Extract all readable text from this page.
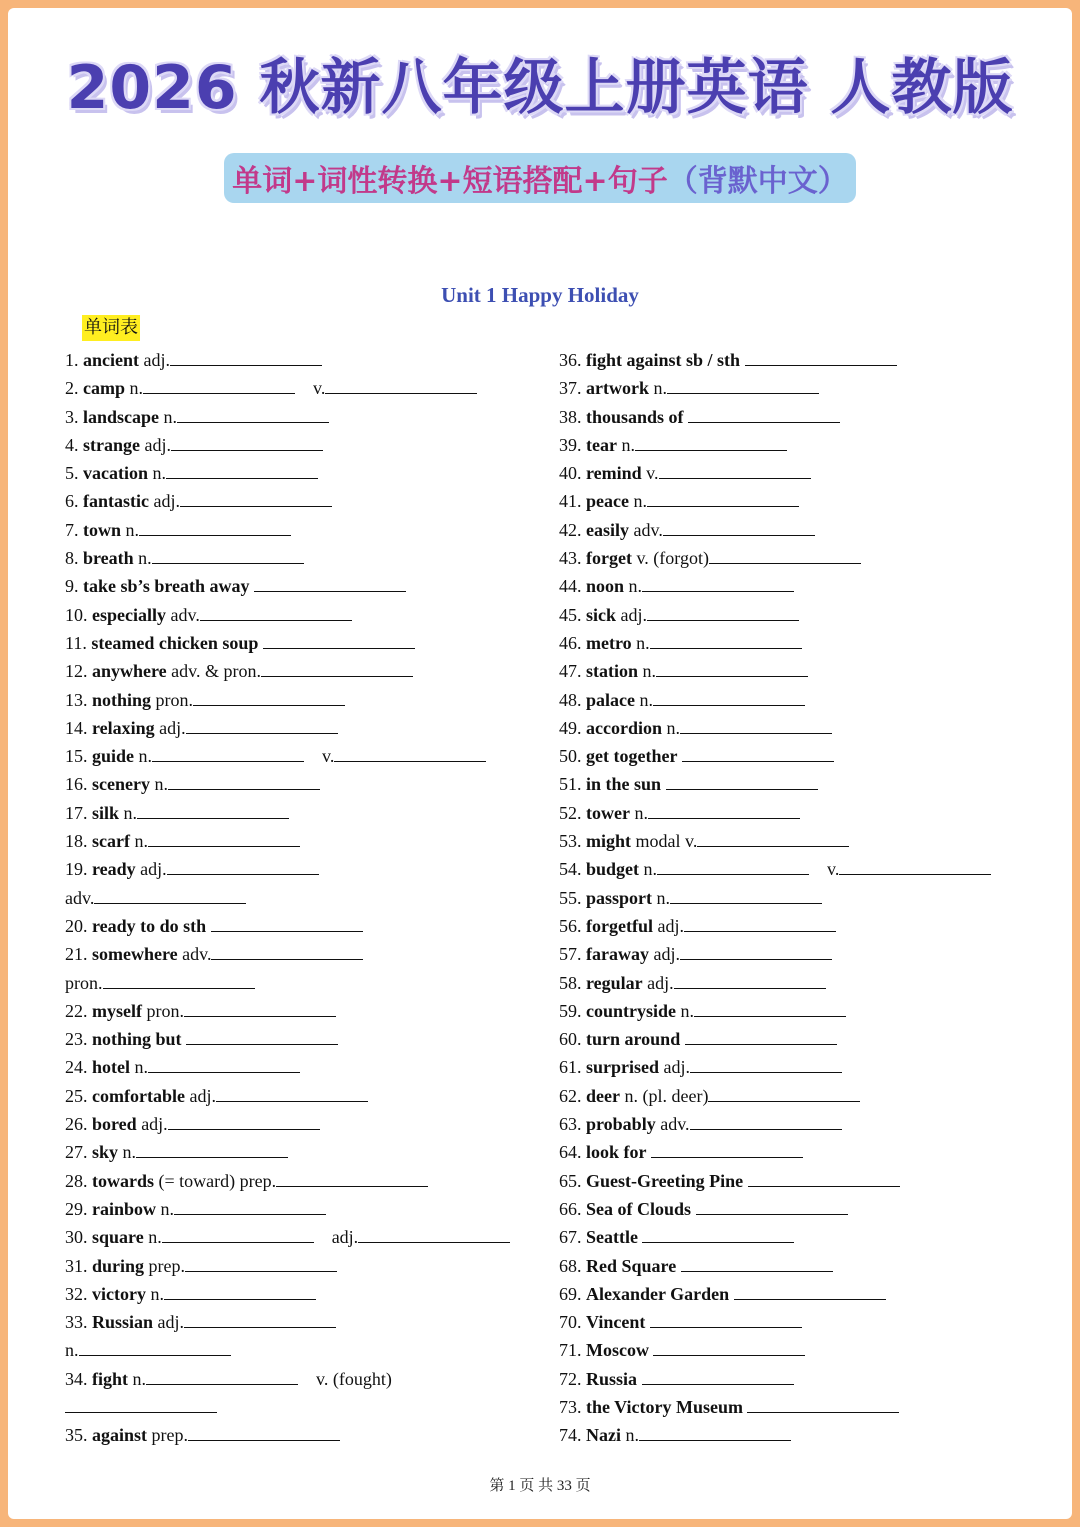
2026 秋新八年级上册英语 人教版
单词+词性转换+短语搭配+句子（背默中文）
Unit 1 Happy Holiday
单词表
1. ancient adj.
2. camp n.	v.
3. landscape n.
4. strange adj.
5. vacation n.
6. fantastic adj.
7. town n.
8. breath n.
9. take sb’s breath away
10. especially adv.
11. steamed chicken soup
12. anywhere adv. & pron.
13. nothing pron.
14. relaxing adj.
15. guide n.	v.
16. scenery n.
17. silk n.
18. scarf n.
19. ready adj.
adv.
20. ready to do sth
21. somewhere adv.
pron.
22. myself pron.
23. nothing but
24. hotel n.
25. comfortable adj.
26. bored adj.
27. sky n.
28. towards (= toward) prep.
29. rainbow n.
30. square n.	adj.
31. during prep.
32. victory n.
33. Russian adj.
n.
34. fight n.	v. (fought)
35. against prep.
36. fight against sb / sth
37. artwork n.
38. thousands of
39. tear n.
40. remind v.
41. peace n.
42. easily adv.
43. forget v. (forgot)
44. noon n.
45. sick adj.
46. metro n.
47. station n.
48. palace n.
49. accordion n.
50. get together
51. in the sun
52. tower n.
53. might modal v.
54. budget n.	v.
55. passport n.
56. forgetful adj.
57. faraway adj.
58. regular adj.
59. countryside n.
60. turn around
61. surprised adj.
62. deer n. (pl. deer)
63. probably adv.
64. look for
65. Guest-Greeting Pine
66. Sea of Clouds
67. Seattle
68. Red Square
69. Alexander Garden
70. Vincent
71. Moscow
72. Russia
73. the Victory Museum
74. Nazi n.
第 1 页 共 33 页
